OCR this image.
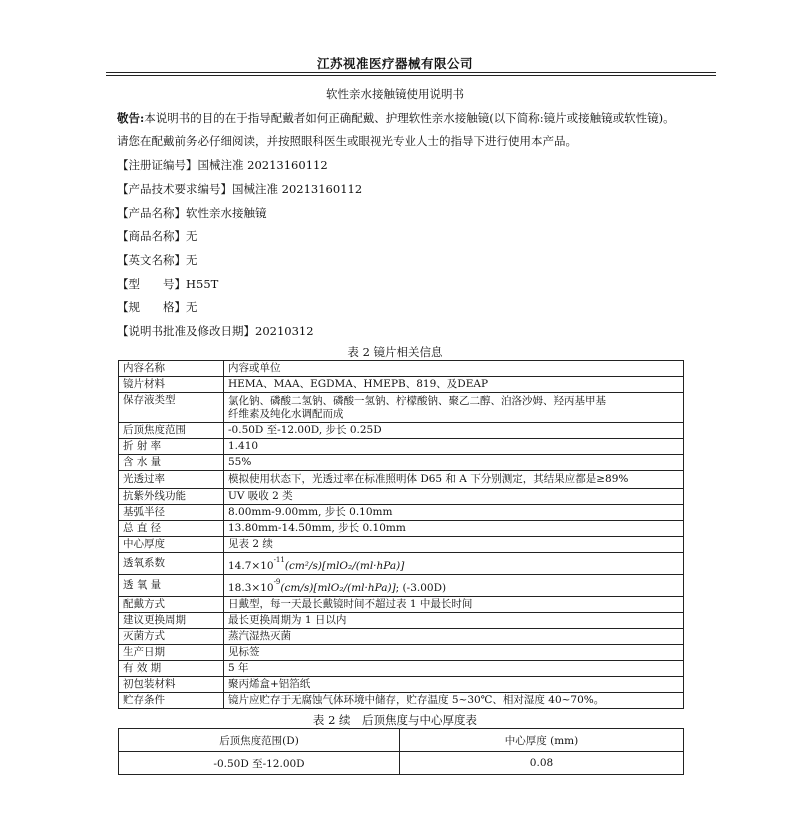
江苏视准医疗器械有限公司
软性亲水接触镜使用说明书
敬告:本说明书的目的在于指导配戴者如何正确配戴、护理软性亲水接触镜(以下简称:镜片或接触镜或软性镜)。
请您在配戴前务必仔细阅读，并按照眼科医生或眼视光专业人士的指导下进行使用本产品。
【注册证编号】国械注准 20213160112
【产品技术要求编号】国械注准 20213160112
【产品名称】软性亲水接触镜
【商品名称】无
【英文名称】无
【型　　号】H55T
【规　　格】无
【说明书批准及修改日期】20210312
表 2 镜片相关信息
内容名称	内容或单位
镜片材料	HEMA、MAA、EGDMA、HMEPB、819、及DEAP
保存液类型	氯化钠、磷酸二氢钠、磷酸一氢钠、柠檬酸钠、聚乙二醇、泊洛沙姆、羟丙基甲基
纤维素及纯化水调配而成

后顶焦度范围	-0.50D 至-12.00D, 步长 0.25D
折 射 率	1.410
含 水 量	55%
光透过率	模拟使用状态下，光透过率在标准照明体 D65 和 A 下分别测定，其结果应都是≥89%
抗紫外线功能	UV 吸收 2 类
基弧半径	8.00mm-9.00mm, 步长 0.10mm
总 直 径	13.80mm-14.50mm, 步长 0.10mm
中心厚度	见表 2 续
透氧系数	$14.7\times 10^{-11}(cm^2/s)[mlO_2/(ml\cdot hPa)]$
透 氧 量	$18.3\times 10^{-9}(cm/s)[mlO_2/(ml\cdot hPa)]$; (-3.00D)
配戴方式	日戴型，每一天最长戴镜时间不超过表 1 中最长时间
建议更换周期	最长更换周期为 1 日以内
灭菌方式	蒸汽湿热灭菌
生产日期	见标签
有 效 期	5 年
初包装材料	聚丙烯盒+铝箔纸
贮存条件	镜片应贮存于无腐蚀气体环境中储存，贮存温度 5~30℃、相对湿度 40~70%。
表 2 续　后顶焦度与中心厚度表
后顶焦度范围(D)	中心厚度 (mm)
-0.50D 至-12.00D	0.08
